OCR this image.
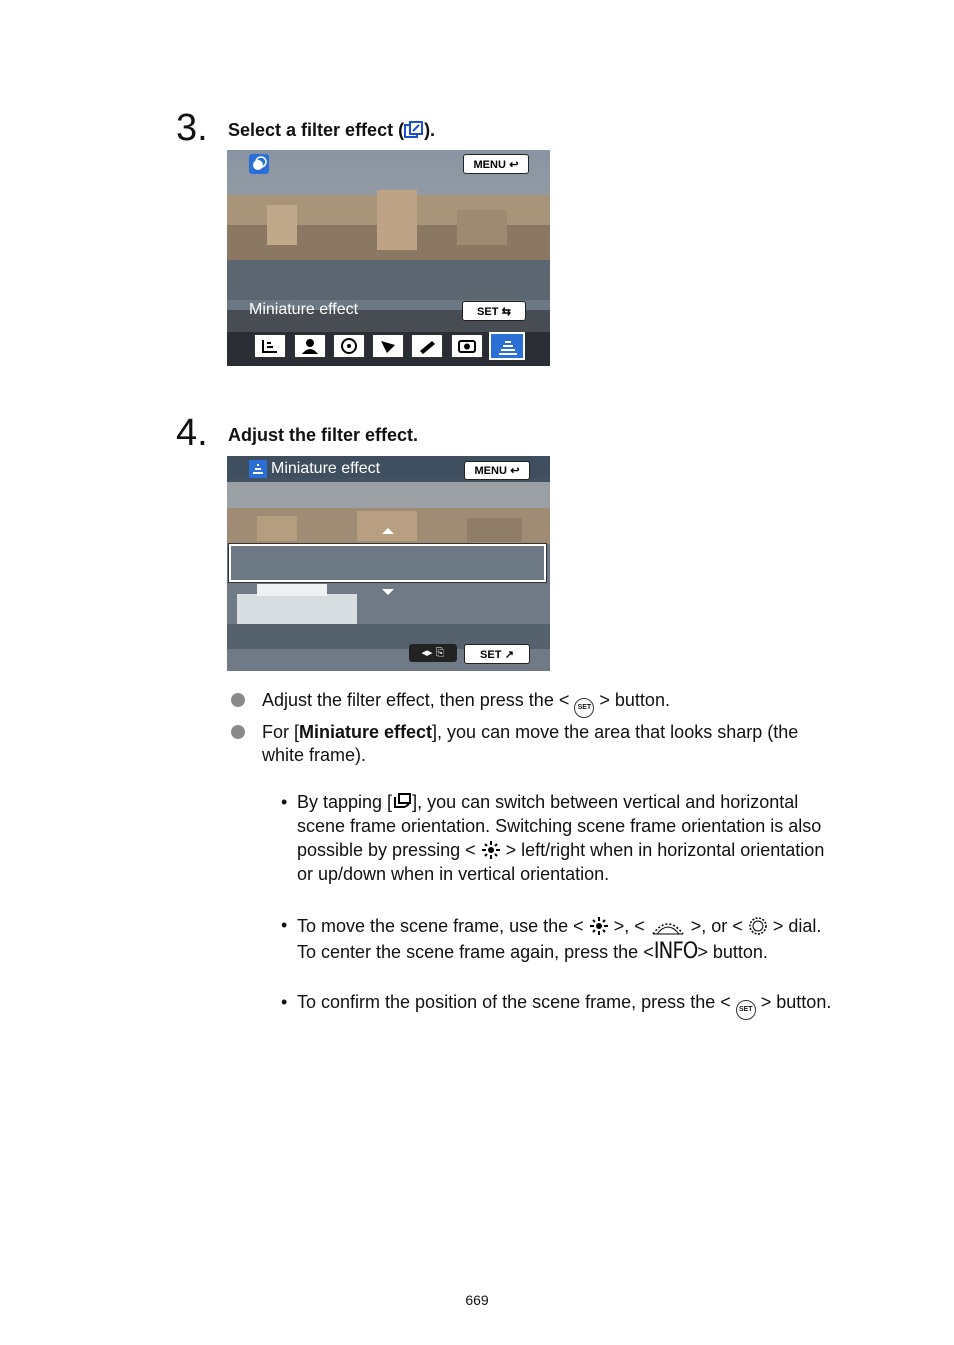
3. Select a filter effect ( ).
MENU ↩
Miniature effect	SET ⇆
4. Adjust the filter effect.
Miniature effect	MENU ↩
◂▸ ⎘	SET ↗
Adjust the filter effect, then press the < SET > button.
For [Miniature effect], you can move the area that looks sharp (the
white frame).
• By tapping [ ], you can switch between vertical and horizontal
scene frame orientation. Switching scene frame orientation is also
possible by pressing < > left/right when in horizontal orientation
or up/down when in vertical orientation.
• To move the scene frame, use the < >, <	>, or < > dial.
To center the scene frame again, press the <INFO> button.
• To confirm the position of the scene frame, press the < SET > button.
669
